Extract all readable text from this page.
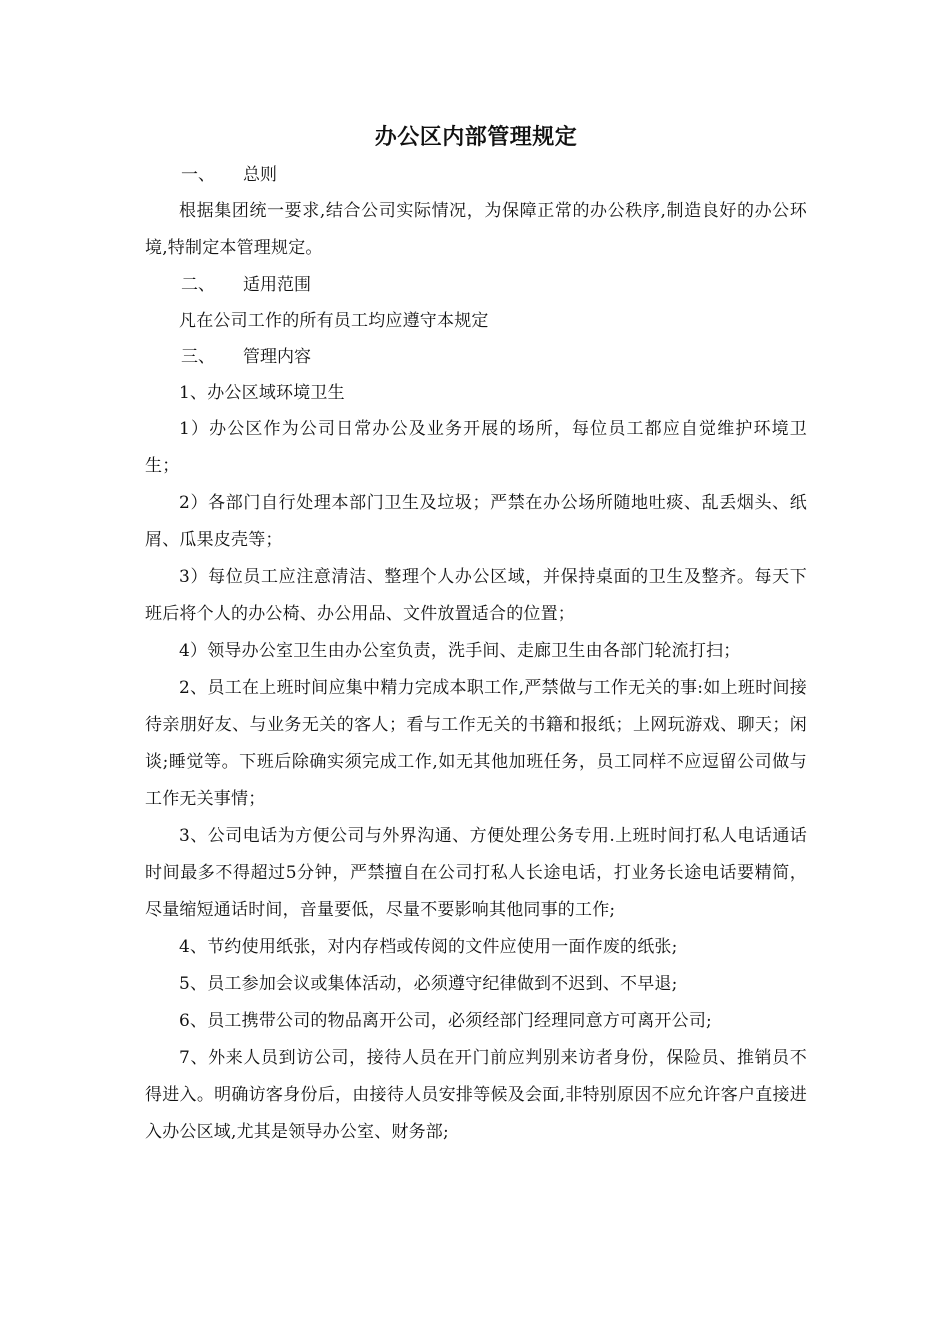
办公区内部管理规定
一、 总则

根据集团统一要求,结合公司实际情况，为保障正常的办公秩序,制造良好的办公环境,特制定本管理规定。

二、 适用范围

凡在公司工作的所有员工均应遵守本规定

三、 管理内容

1、办公区域环境卫生

1）办公区作为公司日常办公及业务开展的场所，每位员工都应自觉维护环境卫生；

2）各部门自行处理本部门卫生及垃圾；严禁在办公场所随地吐痰、乱丢烟头、纸屑、瓜果皮壳等；

3）每位员工应注意清洁、整理个人办公区域，并保持桌面的卫生及整齐。每天下班后将个人的办公椅、办公用品、文件放置适合的位置；

4）领导办公室卫生由办公室负责，洗手间、走廊卫生由各部门轮流打扫；

2、员工在上班时间应集中精力完成本职工作,严禁做与工作无关的事:如上班时间接待亲朋好友、与业务无关的客人；看与工作无关的书籍和报纸；上网玩游戏、聊天；闲谈;睡觉等。下班后除确实须完成工作,如无其他加班任务，员工同样不应逗留公司做与工作无关事情；

3、公司电话为方便公司与外界沟通、方便处理公务专用.上班时间打私人电话通话时间最多不得超过5分钟，严禁擅自在公司打私人长途电话，打业务长途电话要精简，尽量缩短通话时间，音量要低，尽量不要影响其他同事的工作;

4、节约使用纸张，对内存档或传阅的文件应使用一面作废的纸张;

5、员工参加会议或集体活动，必须遵守纪律做到不迟到、不早退;

6、员工携带公司的物品离开公司，必须经部门经理同意方可离开公司;

7、外来人员到访公司，接待人员在开门前应判别来访者身份，保险员、推销员不得进入。明确访客身份后，由接待人员安排等候及会面,非特别原因不应允许客户直接进入办公区域,尤其是领导办公室、财务部;
